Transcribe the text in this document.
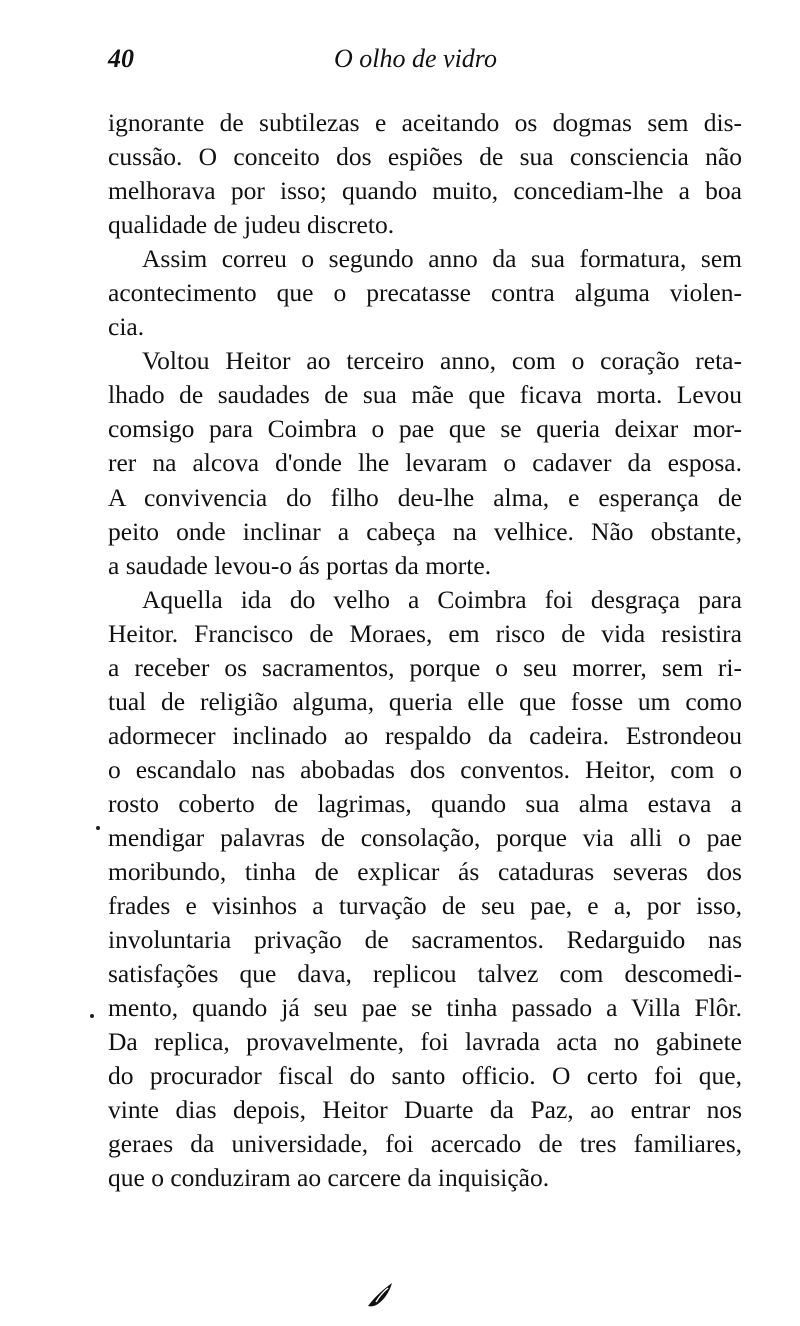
40	O olho de vidro
ignorante de subtilezas e aceitando os dogmas sem dis-
cussão. O conceito dos espiões de sua consciencia não
melhorava por isso; quando muito, concediam-lhe a boa
qualidade de judeu discreto.
Assim correu o segundo anno da sua formatura, sem
acontecimento que o precatasse contra alguma violen-
cia.
Voltou Heitor ao terceiro anno, com o coração reta-
lhado de saudades de sua mãe que ficava morta. Levou
comsigo para Coimbra o pae que se queria deixar mor-
rer na alcova d'onde lhe levaram o cadaver da esposa.
A convivencia do filho deu-lhe alma, e esperança de
peito onde inclinar a cabeça na velhice. Não obstante,
a saudade levou-o ás portas da morte.
Aquella ida do velho a Coimbra foi desgraça para
Heitor. Francisco de Moraes, em risco de vida resistira
a receber os sacramentos, porque o seu morrer, sem ri-
tual de religião alguma, queria elle que fosse um como
adormecer inclinado ao respaldo da cadeira. Estrondeou
o escandalo nas abobadas dos conventos. Heitor, com o
rosto coberto de lagrimas, quando sua alma estava a
mendigar palavras de consolação, porque via alli o pae
moribundo, tinha de explicar ás cataduras severas dos
frades e visinhos a turvação de seu pae, e a, por isso,
involuntaria privação de sacramentos. Redarguido nas
satisfações que dava, replicou talvez com descomedi-
mento, quando já seu pae se tinha passado a Villa Flôr.
Da replica, provavelmente, foi lavrada acta no gabinete
do procurador fiscal do santo officio. O certo foi que,
vinte dias depois, Heitor Duarte da Paz, ao entrar nos
geraes da universidade, foi acercado de tres familiares,
que o conduziram ao carcere da inquisição.
